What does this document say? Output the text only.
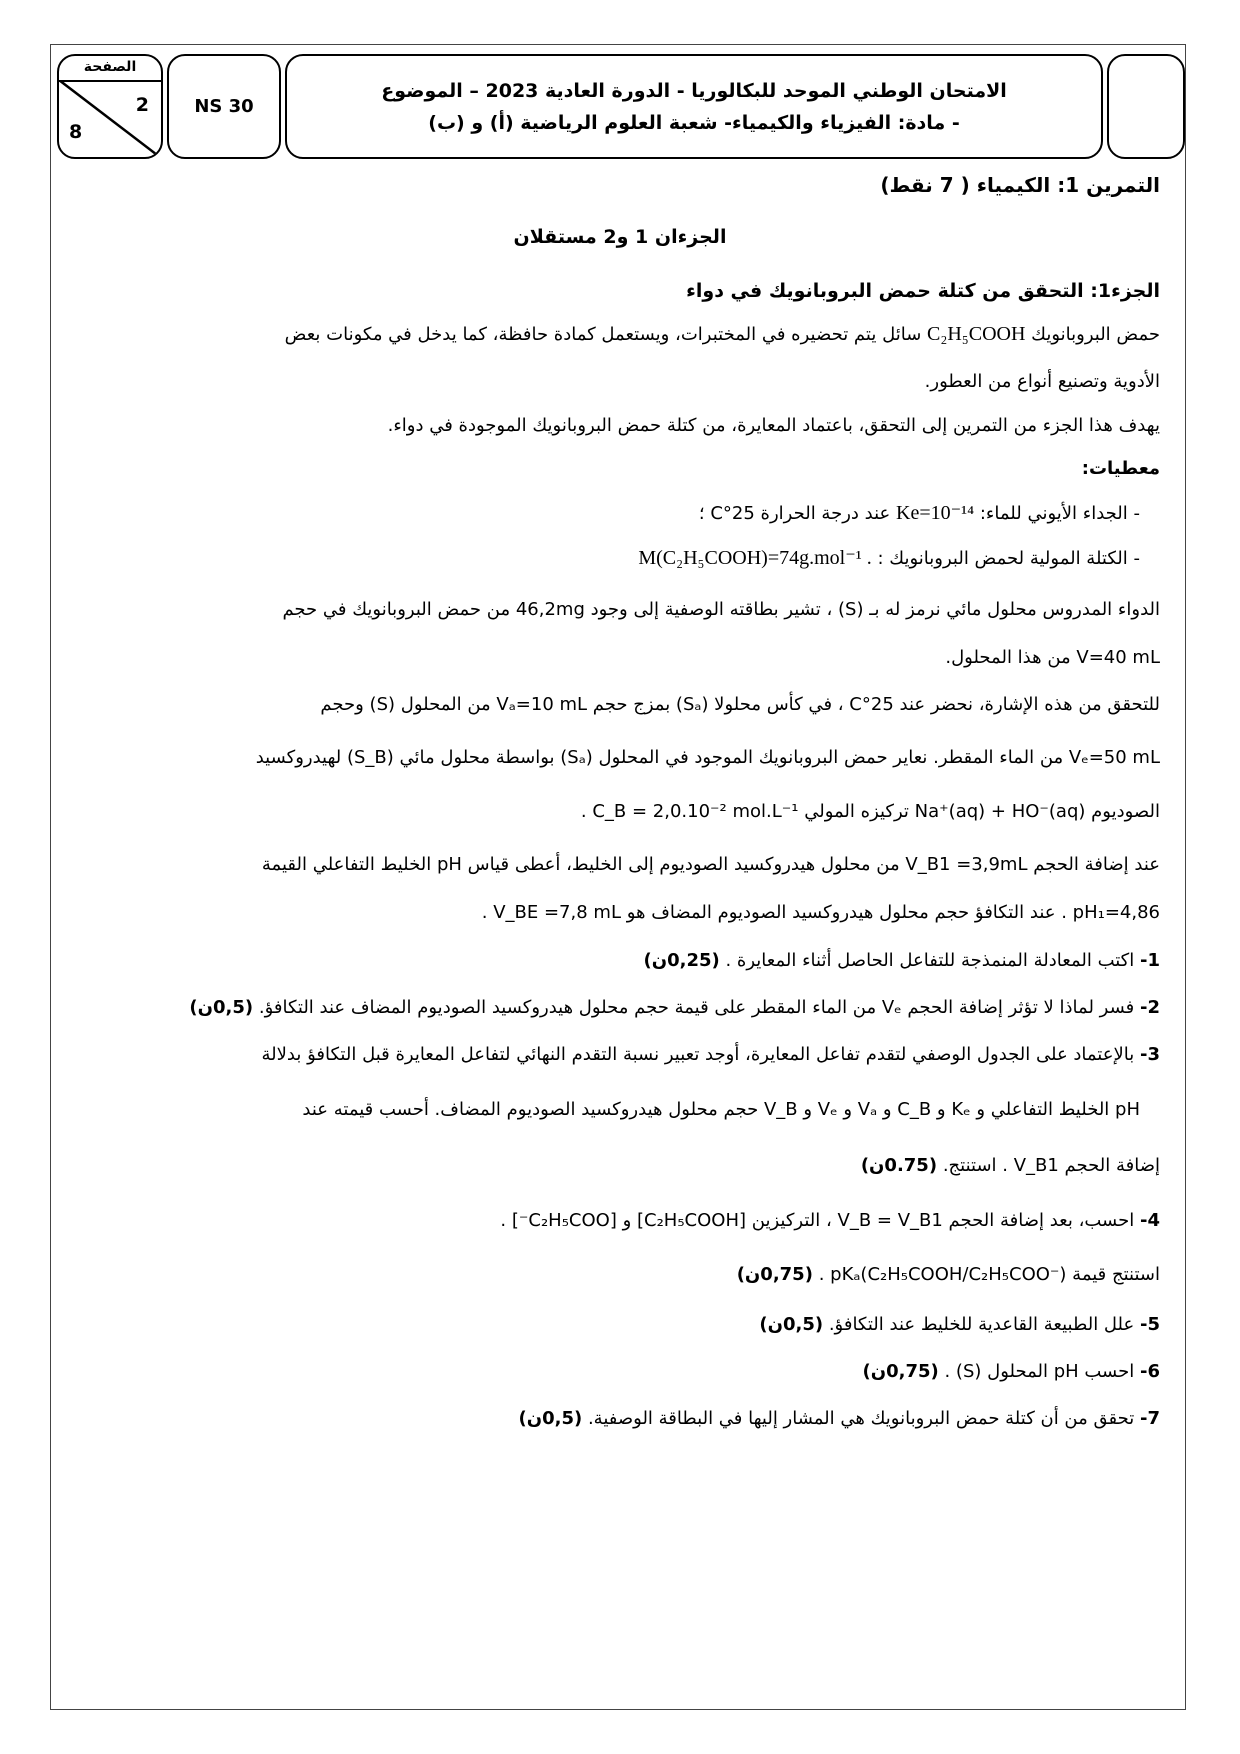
الصفحة
2
8
NS 30
الامتحان الوطني الموحد للبكالوريا - الدورة العادية 2023 – الموضوع
- مادة: الفيزياء والكيمياء- شعبة العلوم الرياضية (أ) و (ب)
التمرين 1: الكيمياء ( 7 نقط)
الجزءان 1 و2 مستقلان
الجزء1: التحقق من كتلة حمض البروبانويك في دواء
حمض البروبانويك C₂H₅COOH سائل يتم تحضيره في المختبرات، ويستعمل كمادة حافظة، كما يدخل في مكونات بعض
الأدوية وتصنيع أنواع من العطور.
يهدف هذا الجزء من التمرين إلى التحقق، باعتماد المعايرة، من كتلة حمض البروبانويك الموجودة في دواء.
معطيات:
- الجداء الأيوني للماء: Ke=10⁻¹⁴ عند درجة الحرارة 25°C ؛
- الكتلة المولية لحمض البروبانويك : M(C₂H₅COOH)=74g.mol⁻¹ .
الدواء المدروس محلول مائي نرمز له بـ (S) ، تشير بطاقته الوصفية إلى وجود 46,2mg من حمض البروبانويك في حجم
V=40 mL من هذا المحلول.
للتحقق من هذه الإشارة، نحضر عند 25°C ، في كأس محلولا (Sₐ) بمزج حجم Vₐ=10 mL من المحلول (S) وحجم
Vₑ=50 mL من الماء المقطر. نعاير حمض البروبانويك الموجود في المحلول (Sₐ) بواسطة محلول مائي (S_B) لهيدروكسيد
الصوديوم Na⁺(aq) + HO⁻(aq) تركيزه المولي C_B = 2,0.10⁻² mol.L⁻¹ .
عند إضافة الحجم V_B1 =3,9mL من محلول هيدروكسيد الصوديوم إلى الخليط، أعطى قياس pH الخليط التفاعلي القيمة
pH₁=4,86 . عند التكافؤ حجم محلول هيدروكسيد الصوديوم المضاف هو V_BE =7,8 mL .
1- اكتب المعادلة المنمذجة للتفاعل الحاصل أثناء المعايرة . (0,25ن)
2- فسر لماذا لا تؤثر إضافة الحجم Vₑ من الماء المقطر على قيمة حجم محلول هيدروكسيد الصوديوم المضاف عند التكافؤ. (0,5ن)
3- بالإعتماد على الجدول الوصفي لتقدم تفاعل المعايرة، أوجد تعبير نسبة التقدم النهائي لتفاعل المعايرة قبل التكافؤ بدلالة
pH الخليط التفاعلي و Kₑ و C_B و Vₐ و Vₑ و V_B حجم محلول هيدروكسيد الصوديوم المضاف. أحسب قيمته عند
إضافة الحجم V_B1 . استنتج. (0.75ن)
4- احسب، بعد إضافة الحجم V_B = V_B1 ، التركيزين [C₂H₅COOH] و [C₂H₅COO⁻] .
استنتج قيمة pKₐ(C₂H₅COOH/C₂H₅COO⁻) . (0,75ن)
5- علل الطبيعة القاعدية للخليط عند التكافؤ. (0,5ن)
6- احسب pH المحلول (S) . (0,75ن)
7- تحقق من أن كتلة حمض البروبانويك هي المشار إليها في البطاقة الوصفية. (0,5ن)
